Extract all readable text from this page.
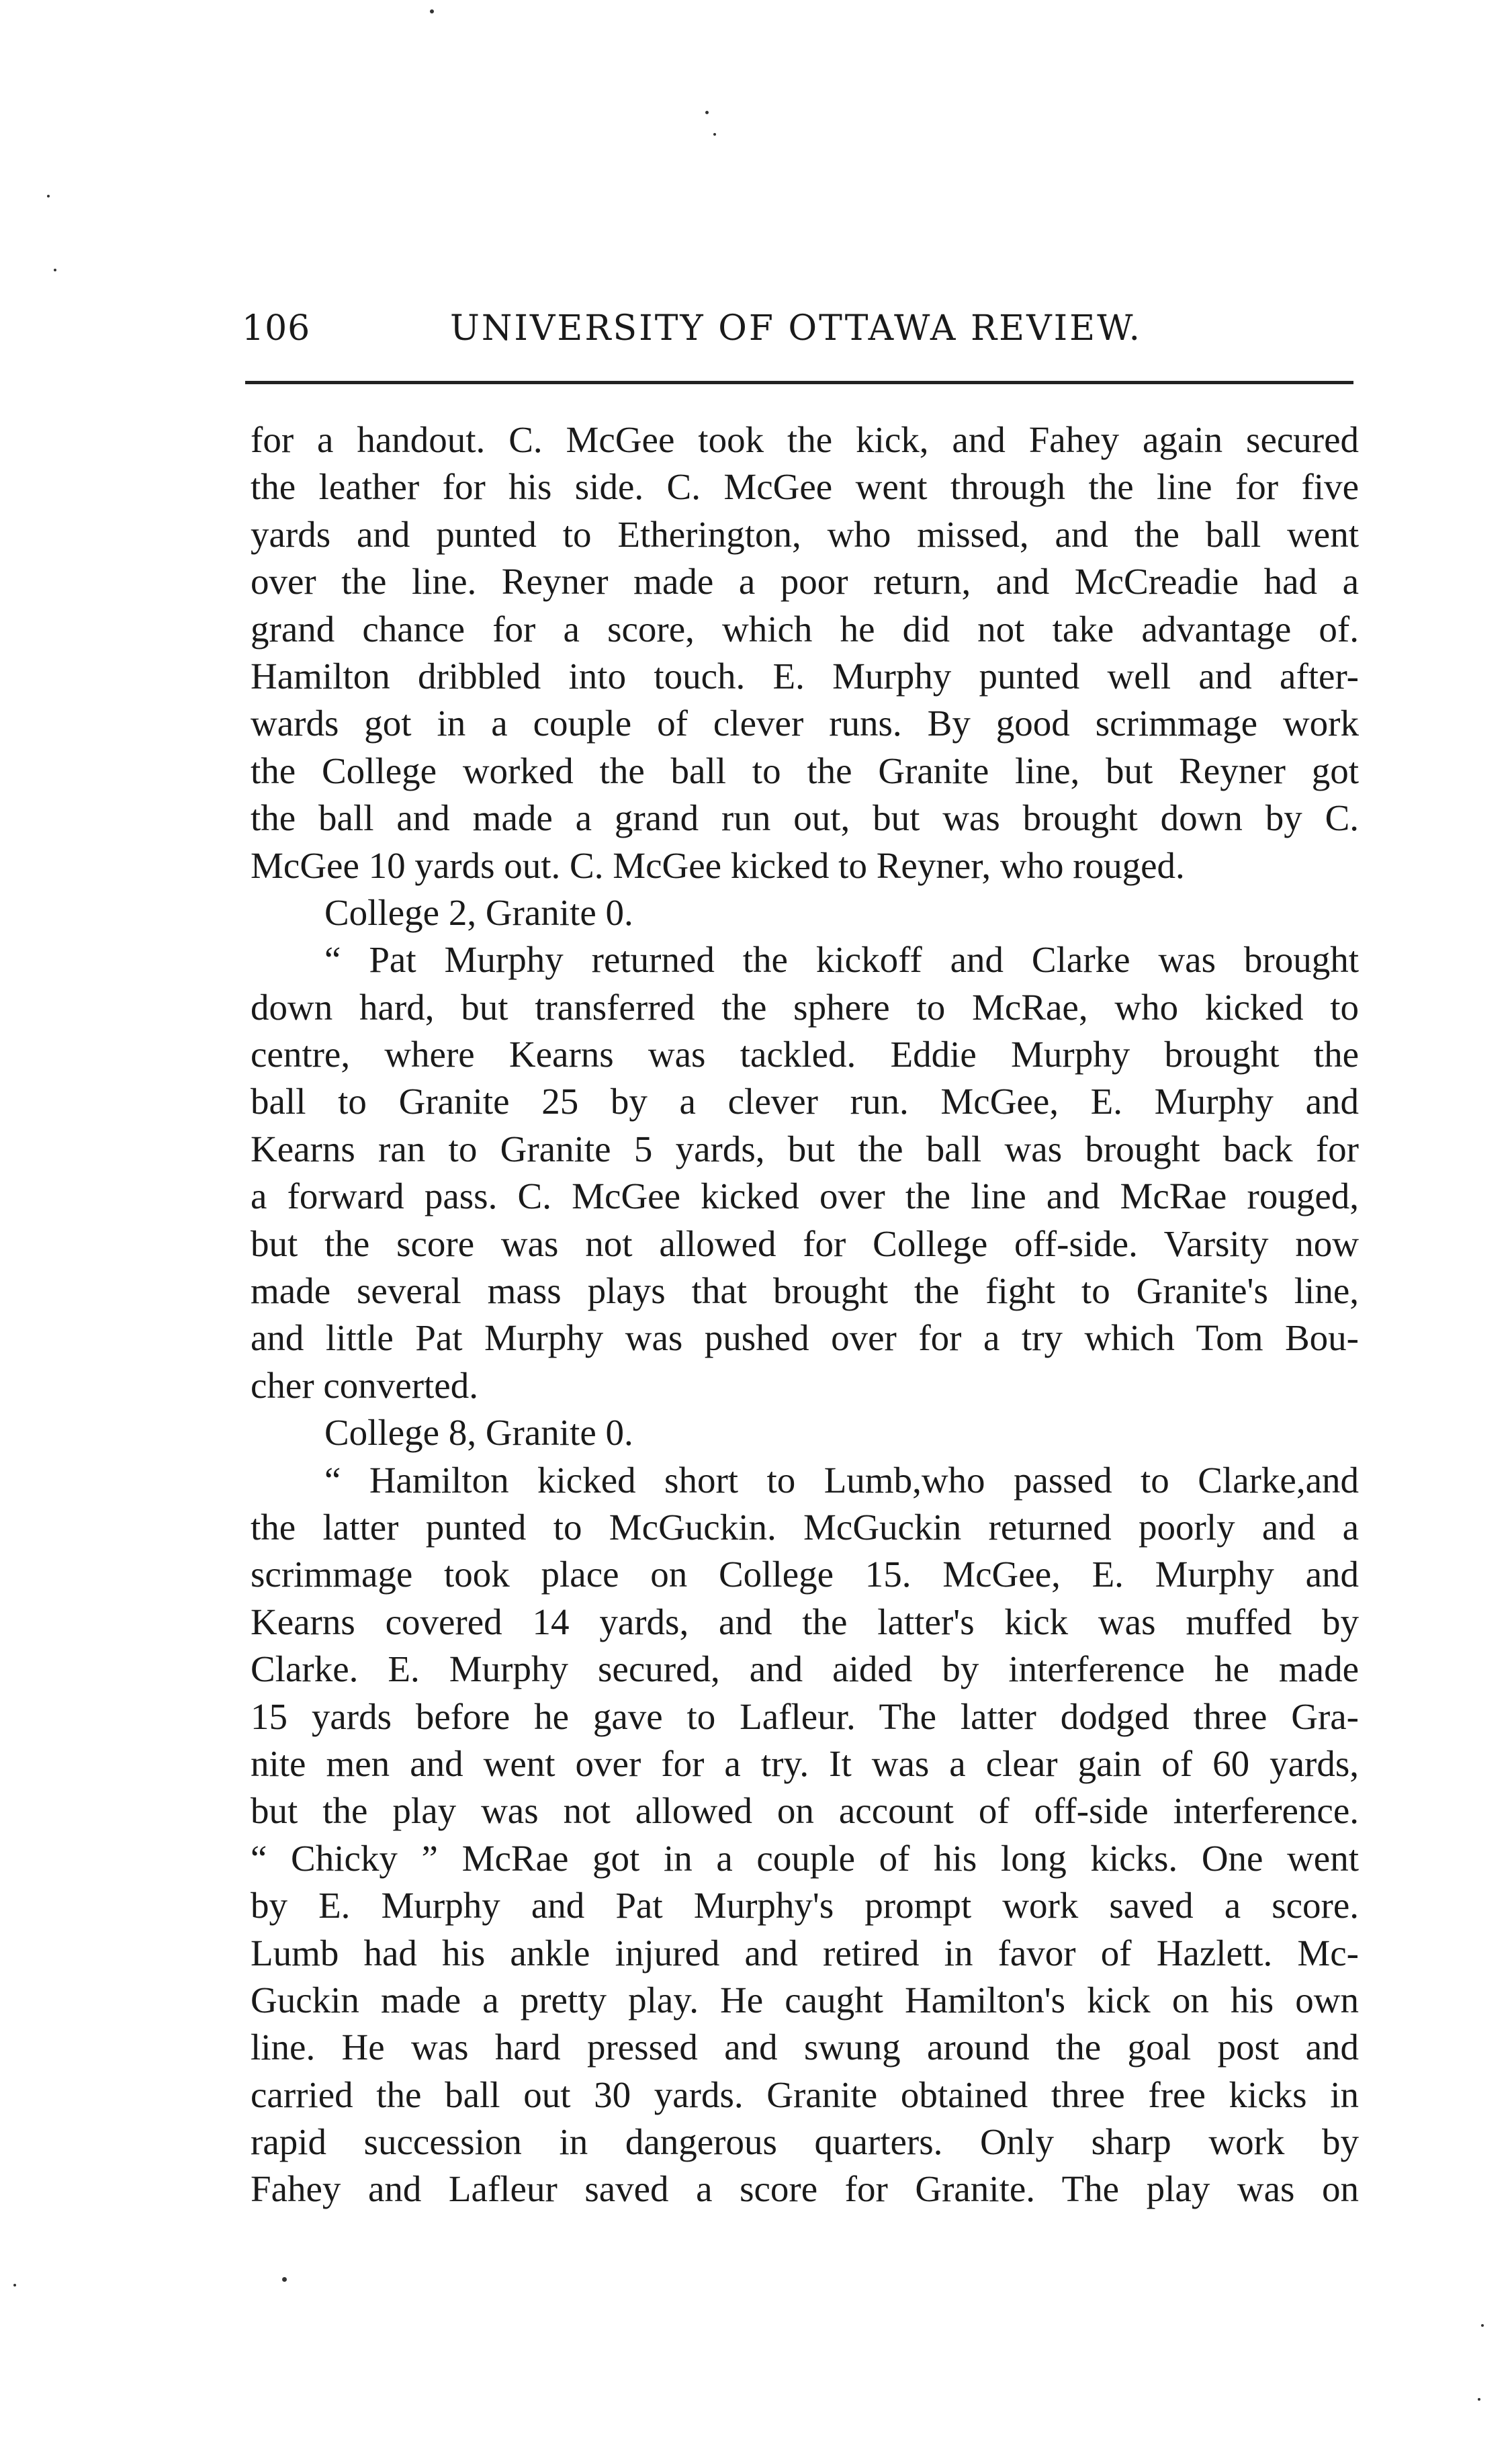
106	UNIVERSITY OF OTTAWA REVIEW.
for a handout. C. McGee took the kick, and Fahey again secured
the leather for his side. C. McGee went through the line for five
yards and punted to Etherington, who missed, and the ball went
over the line. Reyner made a poor return, and McCreadie had a
grand chance for a score, which he did not take advantage of.
Hamilton dribbled into touch. E. Murphy punted well and after-
wards got in a couple of clever runs. By good scrimmage work
the College worked the ball to the Granite line, but Reyner got
the ball and made a grand run out, but was brought down by C.
McGee 10 yards out. C. McGee kicked to Reyner, who rouged.
College 2, Granite 0.
“ Pat Murphy returned the kickoff and Clarke was brought
down hard, but transferred the sphere to McRae, who kicked to
centre, where Kearns was tackled. Eddie Murphy brought the
ball to Granite 25 by a clever run. McGee, E. Murphy and
Kearns ran to Granite 5 yards, but the ball was brought back for
a forward pass. C. McGee kicked over the line and McRae rouged,
but the score was not allowed for College off-side. Varsity now
made several mass plays that brought the fight to Granite's line,
and little Pat Murphy was pushed over for a try which Tom Bou-
cher converted.
College 8, Granite 0.
“ Hamilton kicked short to Lumb,who passed to Clarke,and
the latter punted to McGuckin. McGuckin returned poorly and a
scrimmage took place on College 15. McGee, E. Murphy and
Kearns covered 14 yards, and the latter's kick was muffed by
Clarke. E. Murphy secured, and aided by interference he made
15 yards before he gave to Lafleur. The latter dodged three Gra-
nite men and went over for a try. It was a clear gain of 60 yards,
but the play was not allowed on account of off-side interference.
“ Chicky ” McRae got in a couple of his long kicks. One went
by E. Murphy and Pat Murphy's prompt work saved a score.
Lumb had his ankle injured and retired in favor of Hazlett. Mc-
Guckin made a pretty play. He caught Hamilton's kick on his own
line. He was hard pressed and swung around the goal post and
carried the ball out 30 yards. Granite obtained three free kicks in
rapid succession in dangerous quarters. Only sharp work by
Fahey and Lafleur saved a score for Granite. The play was on
